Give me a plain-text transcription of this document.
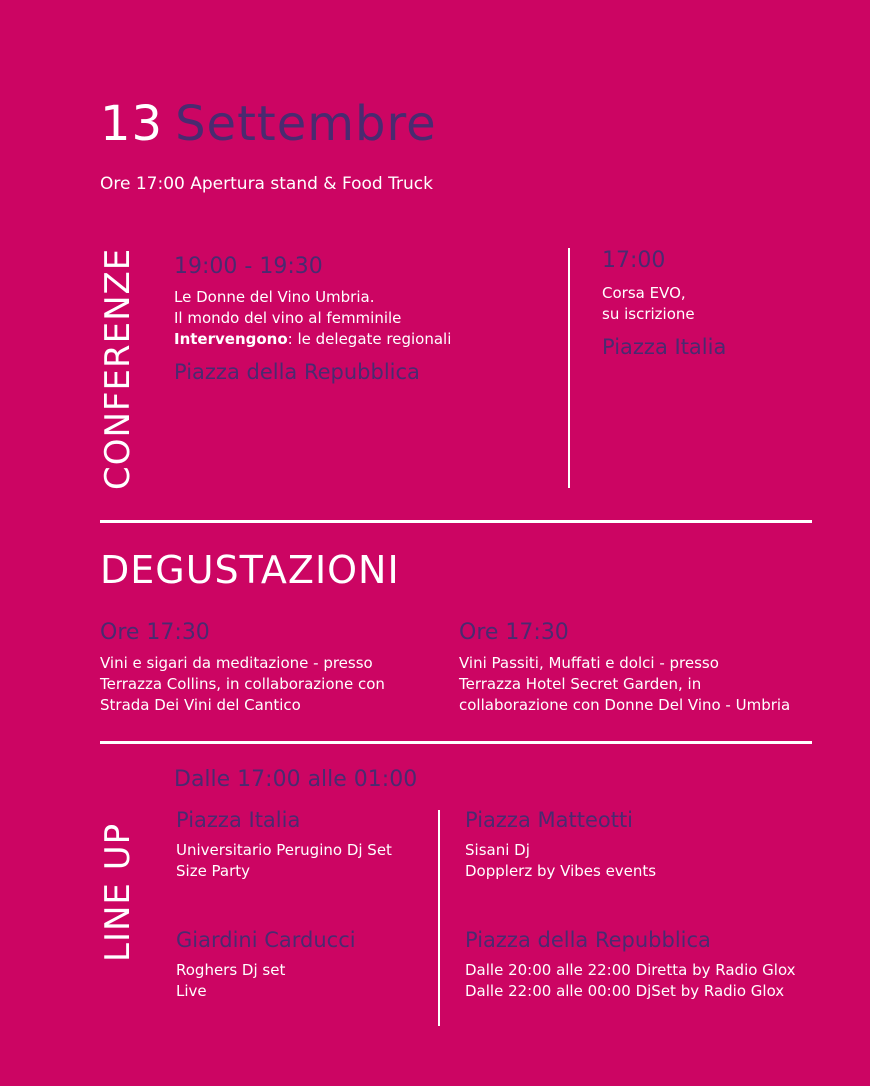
13 Settembre
Ore 17:00 Apertura stand & Food Truck
CONFERENZE 19:00 - 19:30
Le Donne del Vino Umbria.
Il mondo del vino al femminile
Intervengono: le delegate regionali
Piazza della Repubblica
17:00
Corsa EVO,
su iscrizione
Piazza Italia
DEGUSTAZIONI
Ore 17:30
Vini e sigari da meditazione - presso
Terrazza Collins, in collaborazione con
Strada Dei Vini del Cantico
Ore 17:30
Vini Passiti, Muffati e dolci - presso
Terrazza Hotel Secret Garden, in
collaborazione con Donne Del Vino - Umbria
LINE UP
Dalle 17:00 alle 01:00
Piazza Italia
Universitario Perugino Dj Set
Size Party
Piazza Matteotti
Sisani Dj
Dopplerz by Vibes events
Giardini Carducci
Roghers Dj set
Live
Piazza della Repubblica
Dalle 20:00 alle 22:00 Diretta by Radio Glox
Dalle 22:00 alle 00:00 DjSet by Radio Glox
